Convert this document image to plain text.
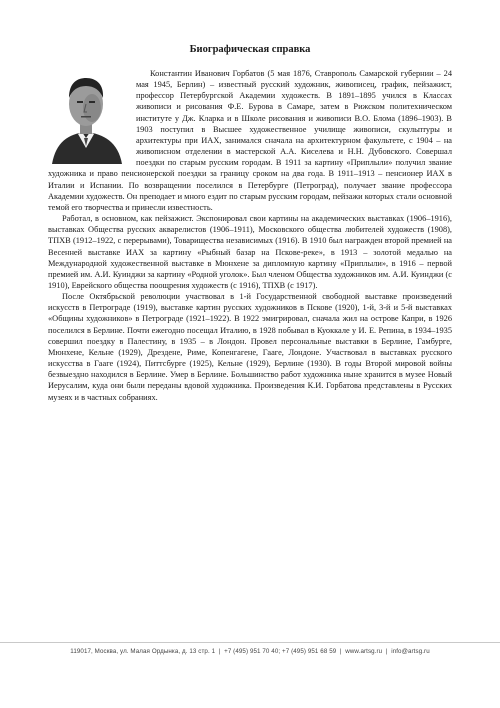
Биографическая справка

Константин Иванович Горбатов (5 мая 1876, Ставрополь Самарской губернии – 24 мая 1945, Берлин) – известный русский художник, живописец, график, пейзажист, профессор Петербургской Академии художеств. В 1891–1895 учился в Классах живописи и рисования Ф.Е. Бурова в Самаре, затем в Рижском политехническом институте у Дж. Кларка и в Школе рисования и живописи В.О. Бломa (1896–1903). В 1903 поступил в Высшее художественное училище живописи, скульптуры и архитектуры при ИАХ, занимался сначала на архитектурном факультете, с 1904 – на живописном отделении в мастерской А.А. Киселева и Н.Н. Дубовского. Совершал поездки по старым русским городам. В 1911 за картину «Приплыли» получил звание художника и право пенсионерской поездки за границу сроком на два года. В 1911–1913 – пенсионер ИАХ в Италии и Испании. По возвращении поселился в Петербурге (Петроград), получает звание профессора Академии художеств. Он преподает и много ездит по старым русским городам, пейзажи которых стали основной темой его творчества и принесли известность.

Работал, в основном, как пейзажист. Экспонировал свои картины на академических выставках (1906–1916), выставках Общества русских акварелистов (1906–1911), Московского общества любителей художеств (1908), ТПХВ (1912–1922, с перерывами), Товарищества независимых (1916). В 1910 был награжден второй премией на Весенней выставке ИАХ за картину «Рыбный базар на Псковe-реке», в 1913 – золотой медалью на Международной художественной выставке в Мюнхене за дипломную картину «Приплыли», в 1916 – первой премией им. А.И. Куинджи за картину «Родной уголок». Был членом Общества художников им. А.И. Куинджи (с 1910), Еврейского общества поощрения художеств (с 1916), ТПХВ (с 1917).

После Октябрьской революции участвовал в 1-й Государственной свободной выставке произведений искусств в Петрограде (1919), выставке картин русских художников в Пскове (1920), 1-й, 3-й и 5-й выставках «Общины художников» в Петрограде (1921–1922). В 1922 эмигрировал, сначала жил на острове Капри, в 1926 поселился в Берлине. Почти ежегодно посещал Италию, в 1928 побывал в Куоккале у И. Е. Репина, в 1934–1935 совершил поездку в Палестину, в 1935 – в Лондон. Провел персональные выставки в Берлине, Гамбурге, Мюнхене, Кельне (1929), Дрездене, Риме, Копенгагене, Гааге, Лондоне. Участвовал в выставках русского искусства в Гааге (1924), Питтсбурге (1925), Кельне (1929), Берлине (1930). В годы Второй мировой войны безвыездно находился в Берлине. Умер в Берлине. Большинство работ художника ныне хранится в музее Новый Иерусалим, куда они были переданы вдовой художника. Произведения К.И. Горбатова представлены в Русских музеях и в частных собраниях.

119017, Москва, ул. Малая Ордынка, д. 13 стр. 1  |  +7 (495) 951 70 40; +7 (495) 951 68 59  |  www.artsg.ru  |  info@artsg.ru
